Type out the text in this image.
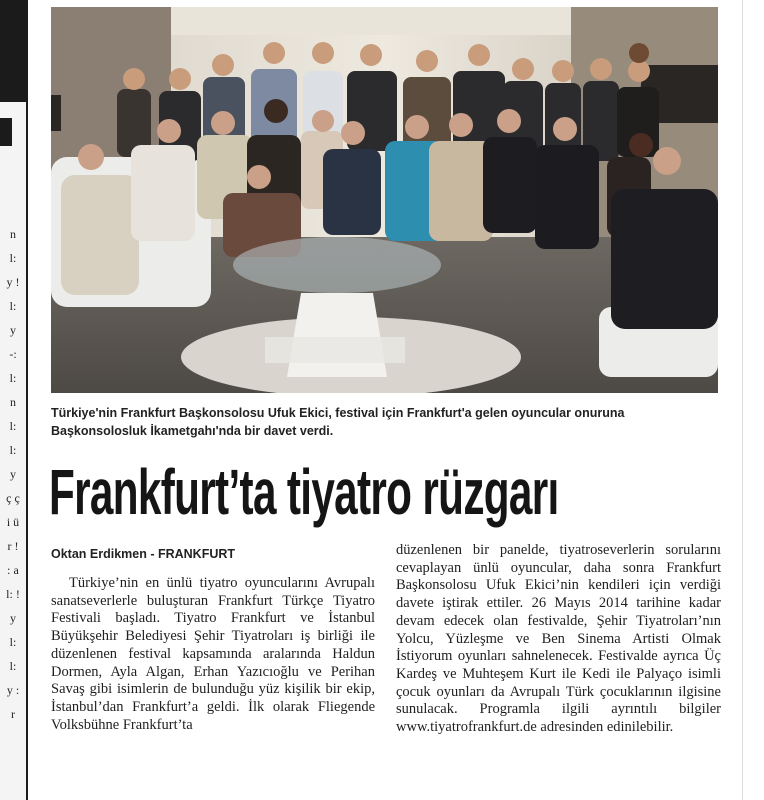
n l: y ! l: y -: l: n l: l: y ç ç i ü r ! : a l: ! y l: l: y : r
Türkiye'nin Frankfurt Başkonsolosu Ufuk Ekici, festival için Frankfurt'a gelen oyuncular onuruna Başkonsolosluk İkametgahı'nda bir davet verdi.
Frankfurt’ta tiyatro rüzgarı
Oktan Erdikmen - FRANKFURT
Türkiye’nin en ünlü tiyatro oyuncularını Avrupalı sanatseverlerle buluşturan Frankfurt Türkçe Tiyatro Festivali başladı. Tiyatro Frankfurt ve İstanbul Büyükşehir Belediyesi Şehir Tiyatroları iş birliği ile düzenlenen festival kapsamında aralarında Haldun Dormen, Ayla Algan, Erhan Yazıcıoğlu ve Perihan Savaş gibi isimlerin de bulunduğu yüz kişilik bir ekip, İstanbul’dan Frankfurt’a geldi. İlk olarak Fliegende Volksbühne Frankfurt’ta
düzenlenen bir panelde, tiyatroseverlerin sorularını cevaplayan ünlü oyuncular, daha sonra Frankfurt Başkonsolosu Ufuk Ekici’nin kendileri için verdiği davete iştirak ettiler. 26 Mayıs 2014 tarihine kadar devam edecek olan festivalde, Şehir Tiyatroları’nın Yolcu, Yüzleşme ve Ben Sinema Artisti Olmak İstiyorum oyunları sahnelenecek. Festivalde ayrıca Üç Kardeş ve Muhteşem Kurt ile Kedi ile Palyaço isimli çocuk oyunları da Avrupalı Türk çocuklarının ilgisine sunulacak. Programla ilgili ayrıntılı bilgiler www.tiyatrofrankfurt.de adresinden edinilebilir.
